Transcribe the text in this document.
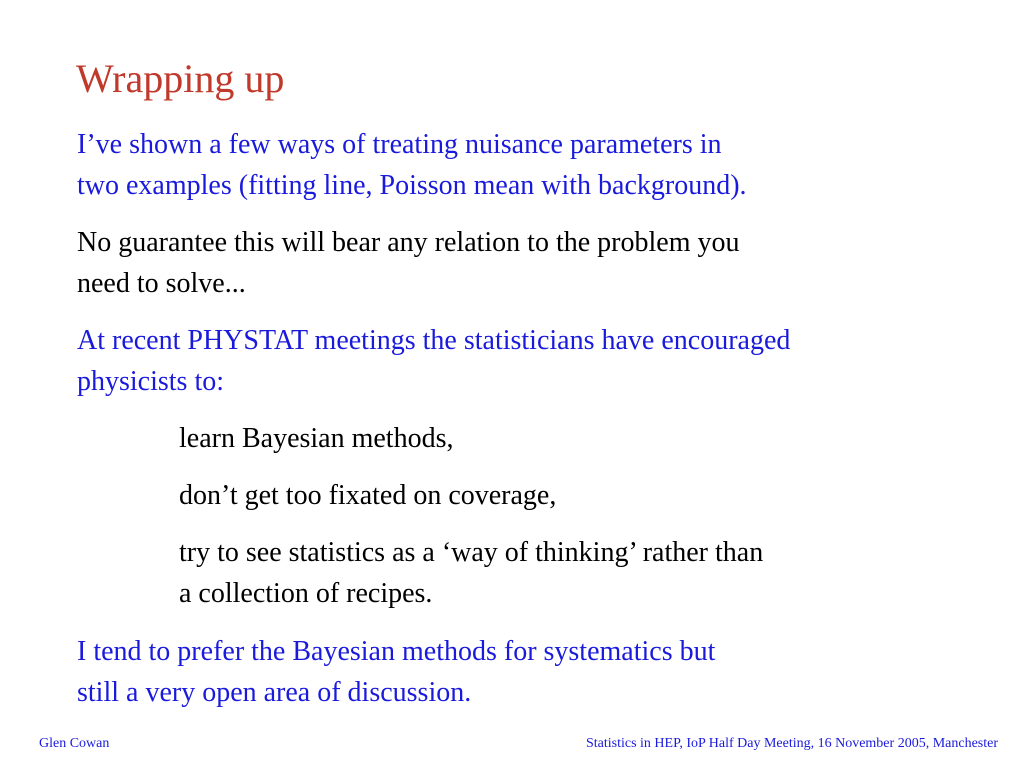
Wrapping up
I’ve shown a few ways of treating nuisance parameters in
two examples (fitting line, Poisson mean with background).
No guarantee this will bear any relation to the problem you
need to solve...
At recent PHYSTAT meetings the statisticians have encouraged
physicists to:
learn Bayesian methods,
don’t get too fixated on coverage,
try to see statistics as a ‘way of thinking’ rather than
a collection of recipes.
I tend to prefer the Bayesian methods for systematics but
still a very open area of discussion.
Glen Cowan	Statistics in HEP, IoP Half Day Meeting, 16 November 2005, Manchester
